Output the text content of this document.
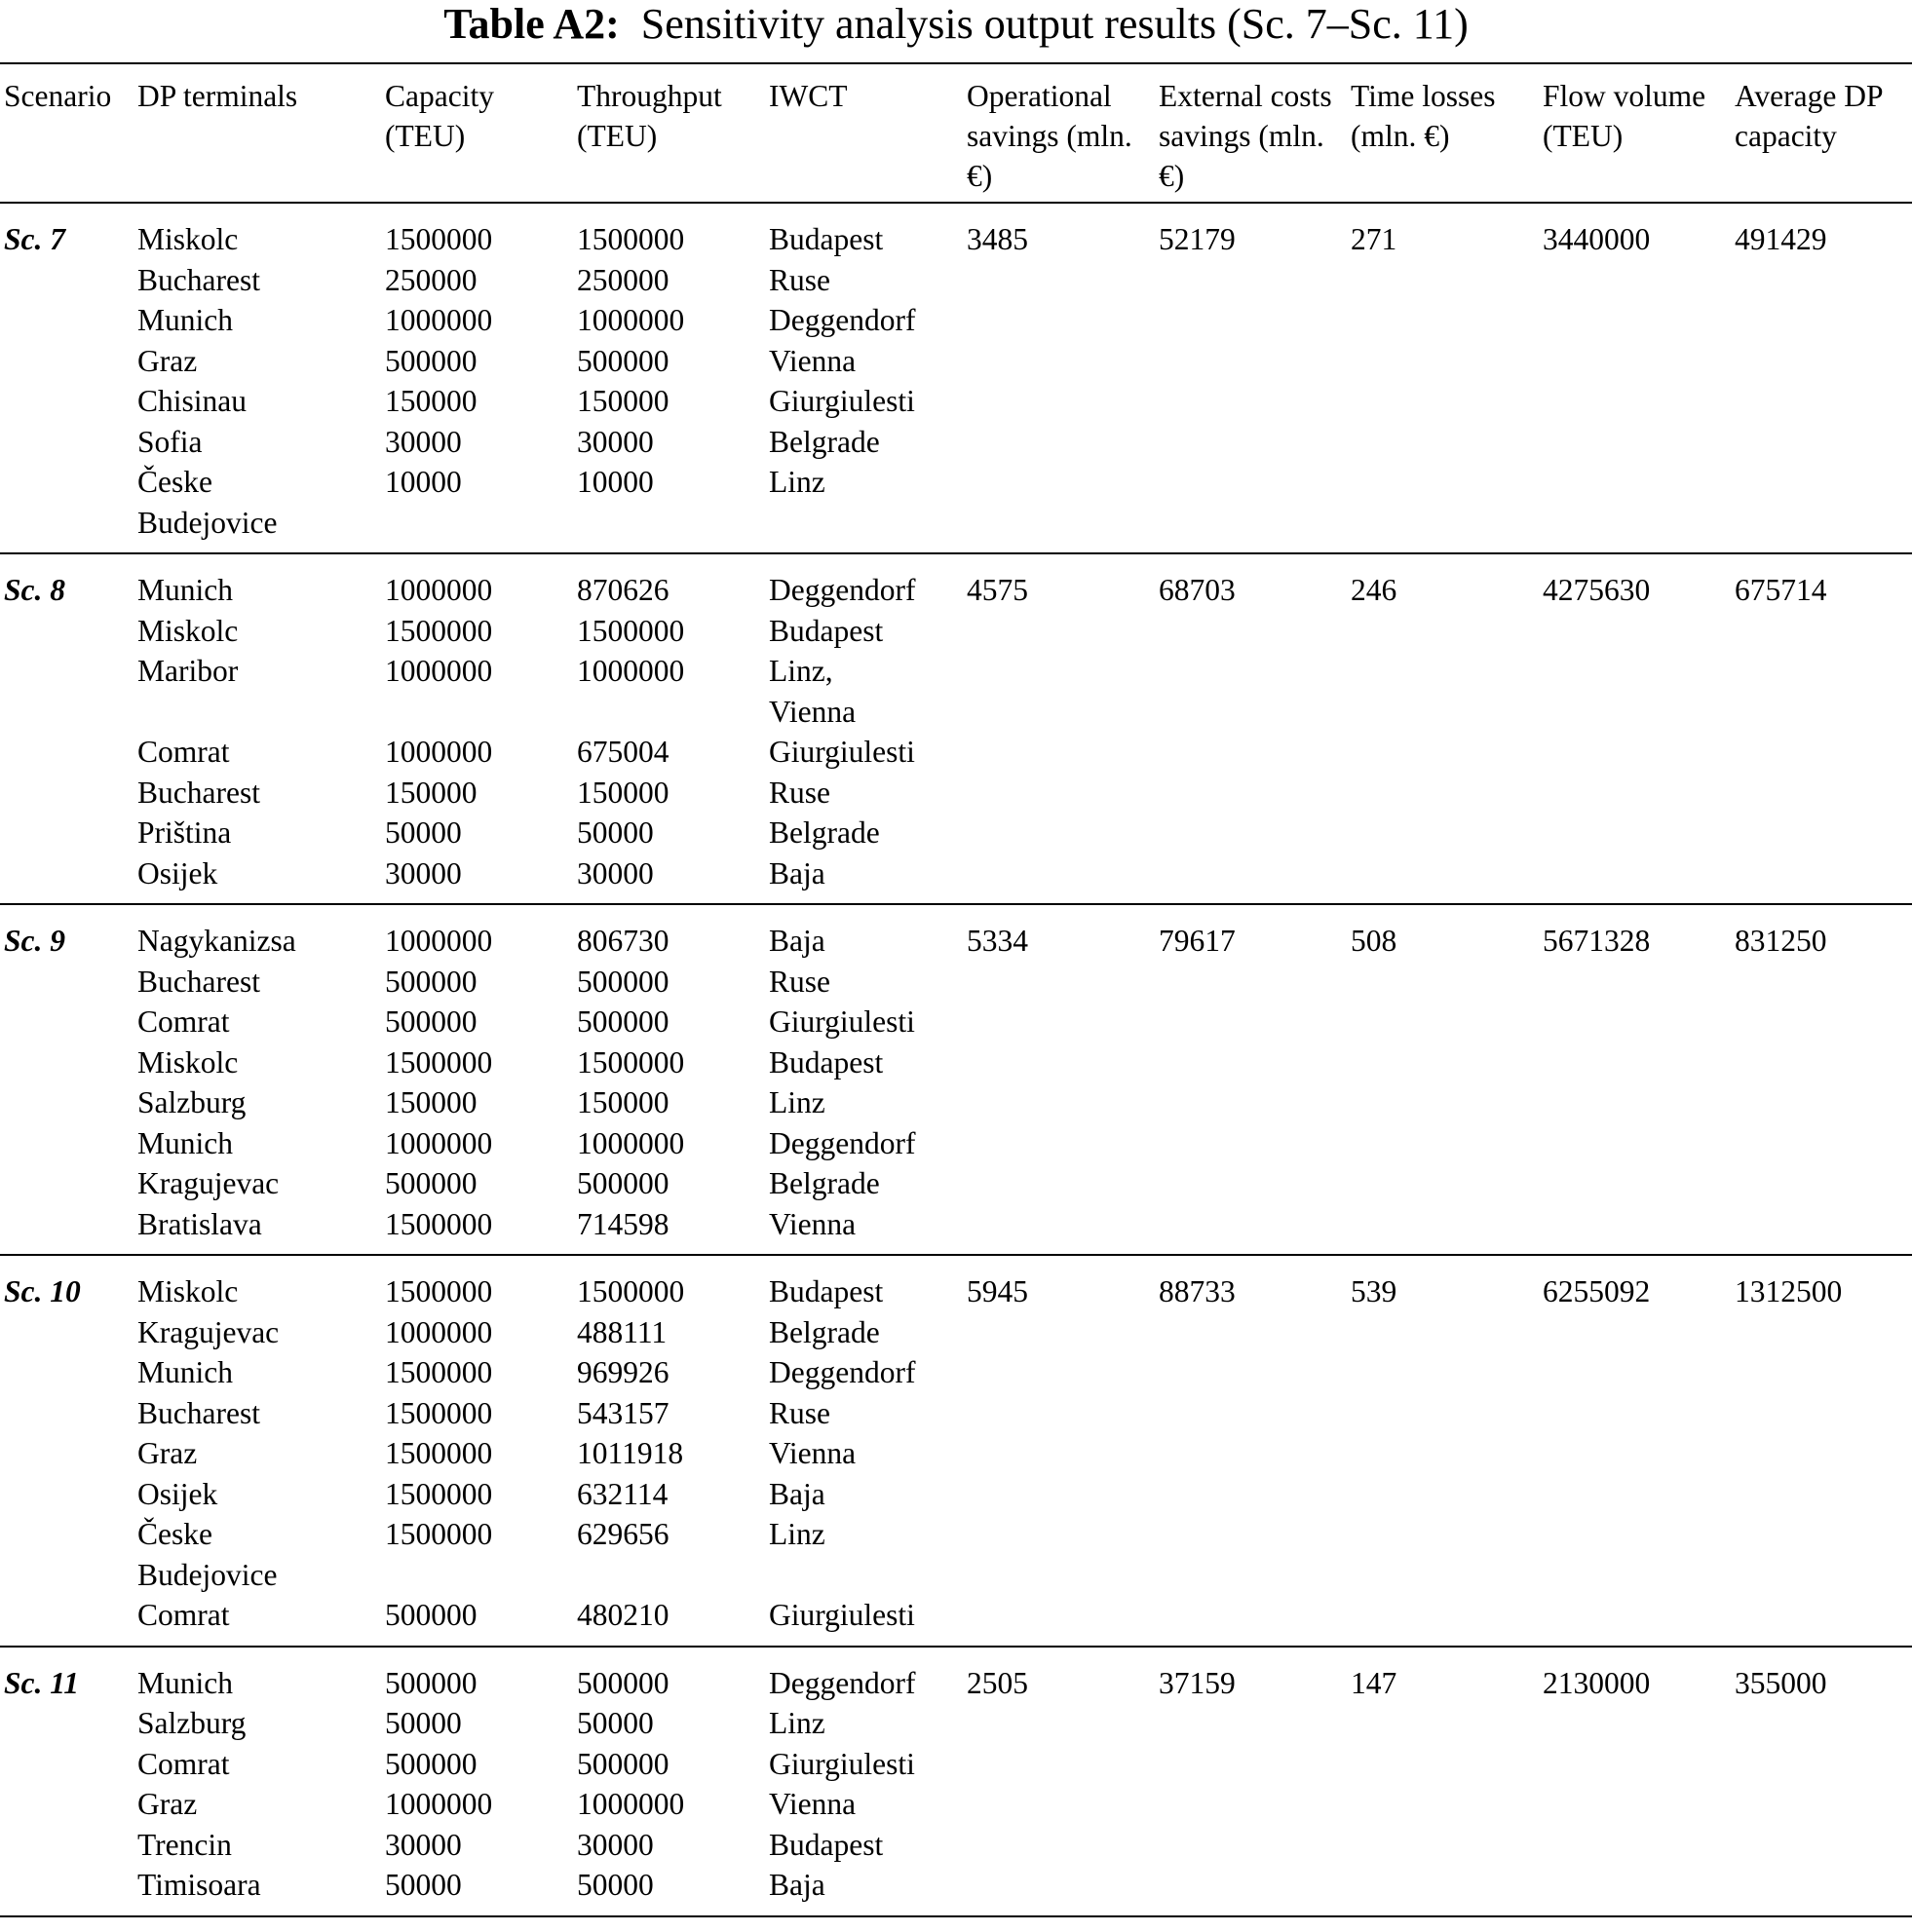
Table A2: Sensitivity analysis output results (Sc. 7–Sc. 11)
Scenario	DP terminals	Capacity (TEU)	Throughput (TEU)	IWCT	Operational savings (mln. €)	External costs savings (mln. €)	Time losses (mln. €)	Flow volume (TEU)	Average DP capacity
Sc. 7	Miskolc	1500000	1500000	Budapest	3485	52179	271	3440000	491429
	Bucharest	250000	250000	Ruse					
	Munich	1000000	1000000	Deggendorf					
	Graz	500000	500000	Vienna					
	Chisinau	150000	150000	Giurgiulesti					
	Sofia	30000	30000	Belgrade					
	Česke	10000	10000	Linz					
	Budejovice								
Sc. 8	Munich	1000000	870626	Deggendorf	4575	68703	246	4275630	675714
	Miskolc	1500000	1500000	Budapest					
	Maribor	1000000	1000000	Linz,					
				Vienna					
	Comrat	1000000	675004	Giurgiulesti					
	Bucharest	150000	150000	Ruse					
	Priština	50000	50000	Belgrade					
	Osijek	30000	30000	Baja					
Sc. 9	Nagykanizsa	1000000	806730	Baja	5334	79617	508	5671328	831250
	Bucharest	500000	500000	Ruse					
	Comrat	500000	500000	Giurgiulesti					
	Miskolc	1500000	1500000	Budapest					
	Salzburg	150000	150000	Linz					
	Munich	1000000	1000000	Deggendorf					
	Kragujevac	500000	500000	Belgrade					
	Bratislava	1500000	714598	Vienna					
Sc. 10	Miskolc	1500000	1500000	Budapest	5945	88733	539	6255092	1312500
	Kragujevac	1000000	488111	Belgrade					
	Munich	1500000	969926	Deggendorf					
	Bucharest	1500000	543157	Ruse					
	Graz	1500000	1011918	Vienna					
	Osijek	1500000	632114	Baja					
	Česke	1500000	629656	Linz					
	Budejovice								
	Comrat	500000	480210	Giurgiulesti					
Sc. 11	Munich	500000	500000	Deggendorf	2505	37159	147	2130000	355000
	Salzburg	50000	50000	Linz					
	Comrat	500000	500000	Giurgiulesti					
	Graz	1000000	1000000	Vienna					
	Trencin	30000	30000	Budapest					
	Timisoara	50000	50000	Baja					
